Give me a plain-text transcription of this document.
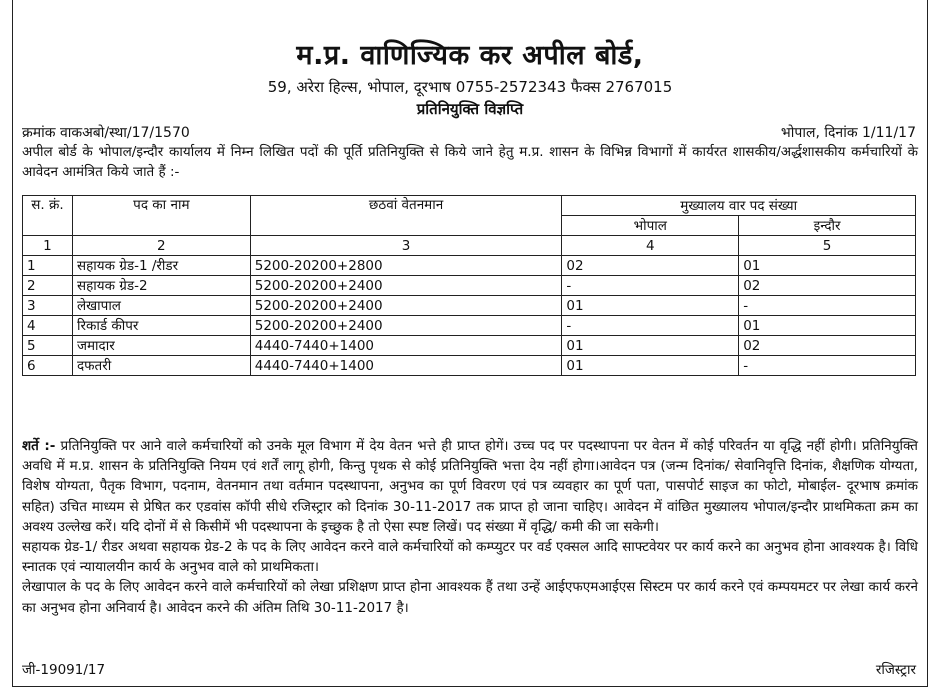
म.प्र. वाणिज्यिक कर अपील बोर्ड,
59, अरेरा हिल्स, भोपाल, दूरभाष 0755-2572343 फैक्स 2767015
प्रतिनियुक्ति विज्ञप्ति
क्रमांक वाकअबो/स्था/17/1570	भोपाल, दिनांक 1/11/17
अपील बोर्ड के भोपाल/इन्दौर कार्यालय में निम्न लिखित पदों की पूर्ति प्रतिनियुक्ति से किये जाने हेतु म.प्र. शासन के विभिन्न विभागों में कार्यरत शासकीय/अर्द्धशासकीय कर्मचारियों के आवेदन आमंत्रित किये जाते हैं :-
स. क्रं.	पद का नाम	छठवां वेतनमान	मुख्यालय वार पद संख्या	
			भोपाल	इन्दौर
1	2	3	4	5
1	सहायक ग्रेड-1 /रीडर	5200-20200+2800	02	01
2	सहायक ग्रेड-2	5200-20200+2400	-	02
3	लेखापाल	5200-20200+2400	01	-
4	रिकार्ड कीपर	5200-20200+2400	-	01
5	जमादार	4440-7440+1400	01	02
6	दफतरी	4440-7440+1400	01	-

शर्ते :- प्रतिनियुक्ति पर आने वाले कर्मचारियों को उनके मूल विभाग में देय वेतन भत्ते ही प्राप्त होगें। उच्च पद पर पदस्थापना पर वेतन में कोई परिवर्तन या वृद्धि नहीं होगी। प्रतिनियुक्ति अवधि में म.प्र. शासन के प्रतिनियुक्ति नियम एवं शर्तें लागू होगी, किन्तु पृथक से कोई प्रतिनियुक्ति भत्ता देय नहीं होगा।आवेदन पत्र (जन्म दिनांक/ सेवानिवृत्ति दिनांक, शैक्षणिक योग्यता, विशेष योग्यता, पैतृक विभाग, पदनाम, वेतनमान तथा वर्तमान पदस्थापना, अनुभव का पूर्ण विवरण एवं पत्र व्यवहार का पूर्ण पता, पासपोर्ट साइज का फोटो, मोबाईल- दूरभाष क्रमांक सहित) उचित माध्यम से प्रेषित कर एडवांस कॉपी सीधे रजिस्ट्रार को दिनांक 30-11-2017 तक प्राप्त हो जाना चाहिए। आवेदन में वांछित मुख्यालय भोपाल/इन्दौर प्राथमिकता क्रम का अवश्य उल्लेख करें। यदि दोनों में से किसीमें भी पदस्थापना के इच्छुक है तो ऐसा स्पष्ट लिखें। पद संख्या में वृद्धि/ कमी की जा सकेगी।

सहायक ग्रेड-1/ रीडर अथवा सहायक ग्रेड-2 के पद के लिए आवेदन करने वाले कर्मचारियों को कम्प्युटर पर वर्ड एक्सल आदि साफ्टवेयर पर कार्य करने का अनुभव होना आवश्यक है। विधि स्नातक एवं न्यायालयीन कार्य के अनुभव वाले को प्राथमिकता।

लेखापाल के पद के लिए आवेदन करने वाले कर्मचारियों को लेखा प्रशिक्षण प्राप्त होना आवश्यक हैं तथा उन्हें आईएफएमआईएस सिस्टम पर कार्य करने एवं कम्पयमटर पर लेखा कार्य करने का अनुभव होना अनिवार्य है। आवेदन करने की अंतिम तिथि 30-11-2017 है।

जी-19091/17	रजिस्ट्रार
